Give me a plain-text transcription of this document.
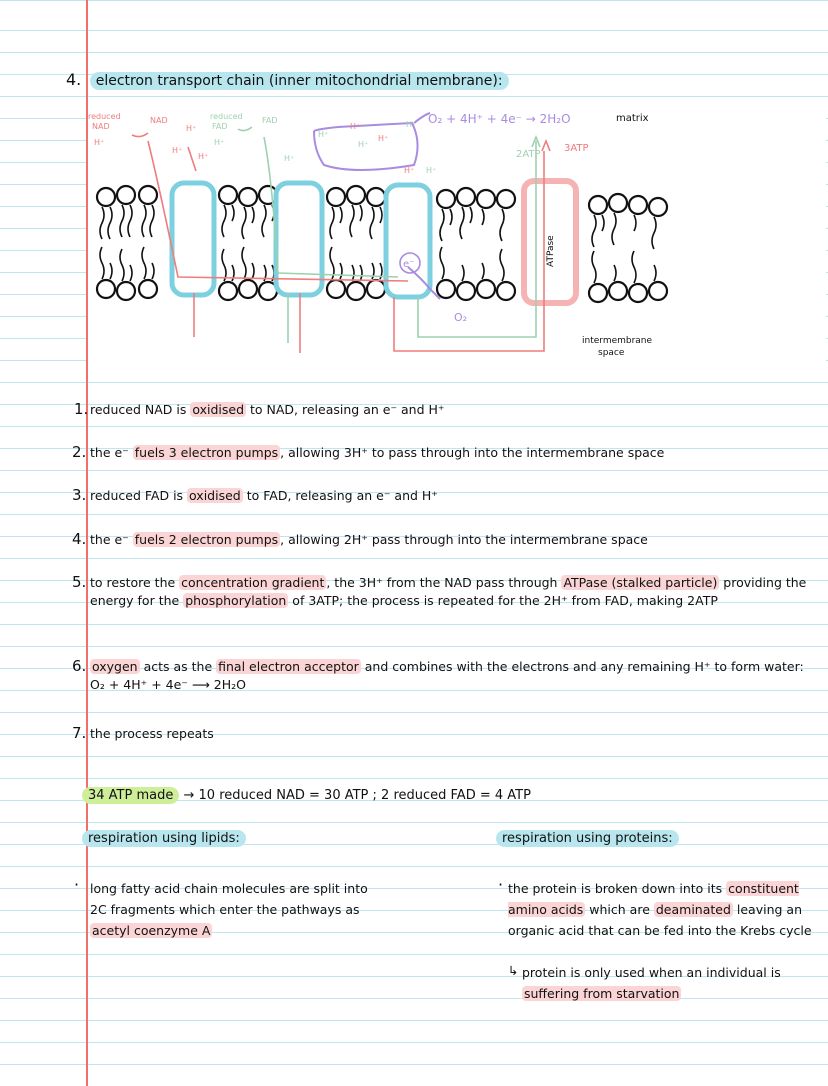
4. electron transport chain (inner mitochondrial membrane):
ATPase
e⁻
H⁺
H⁺
H⁺	H⁺
H⁺
H⁺
H⁺
H⁺
H⁺
H⁺ H⁺
H⁺	H⁺
reduced
NAD
NAD	reduced
FAD
FAD	O₂ + 4H⁺ + 4e⁻ → 2H₂O	matrix
2ATP
3ATP
O₂
intermembrane
space
1. reduced NAD is oxidised to NAD, releasing an e⁻ and H⁺
2. the e⁻ fuels 3 electron pumps , allowing 3H⁺ to pass through into the intermembrane space
3. reduced FAD is oxidised to FAD, releasing an e⁻ and H⁺
4. the e⁻ fuels 2 electron pumps , allowing 2H⁺ pass through into the intermembrane space
5. to restore the concentration gradient , the 3H⁺ from the NAD pass through ATPase (stalked particle) providing the energy for the phosphorylation of 3ATP; the process is repeated for the 2H⁺ from FAD, making 2ATP
6. oxygen acts as the final electron acceptor and combines with the electrons and any remaining H⁺ to form water: O₂ + 4H⁺ + 4e⁻ ⟶ 2H₂O
7. the process repeats
34 ATP made → 10 reduced NAD = 30 ATP ; 2 reduced FAD = 4 ATP
respiration using lipids:
· long fatty acid chain molecules are split into 2C fragments which enter the pathways as acetyl coenzyme A
respiration using proteins:
· the protein is broken down into its constituent amino acids which are deaminated leaving an organic acid that can be fed into the Krebs cycle
↳ protein is only used when an individual is suffering from starvation
